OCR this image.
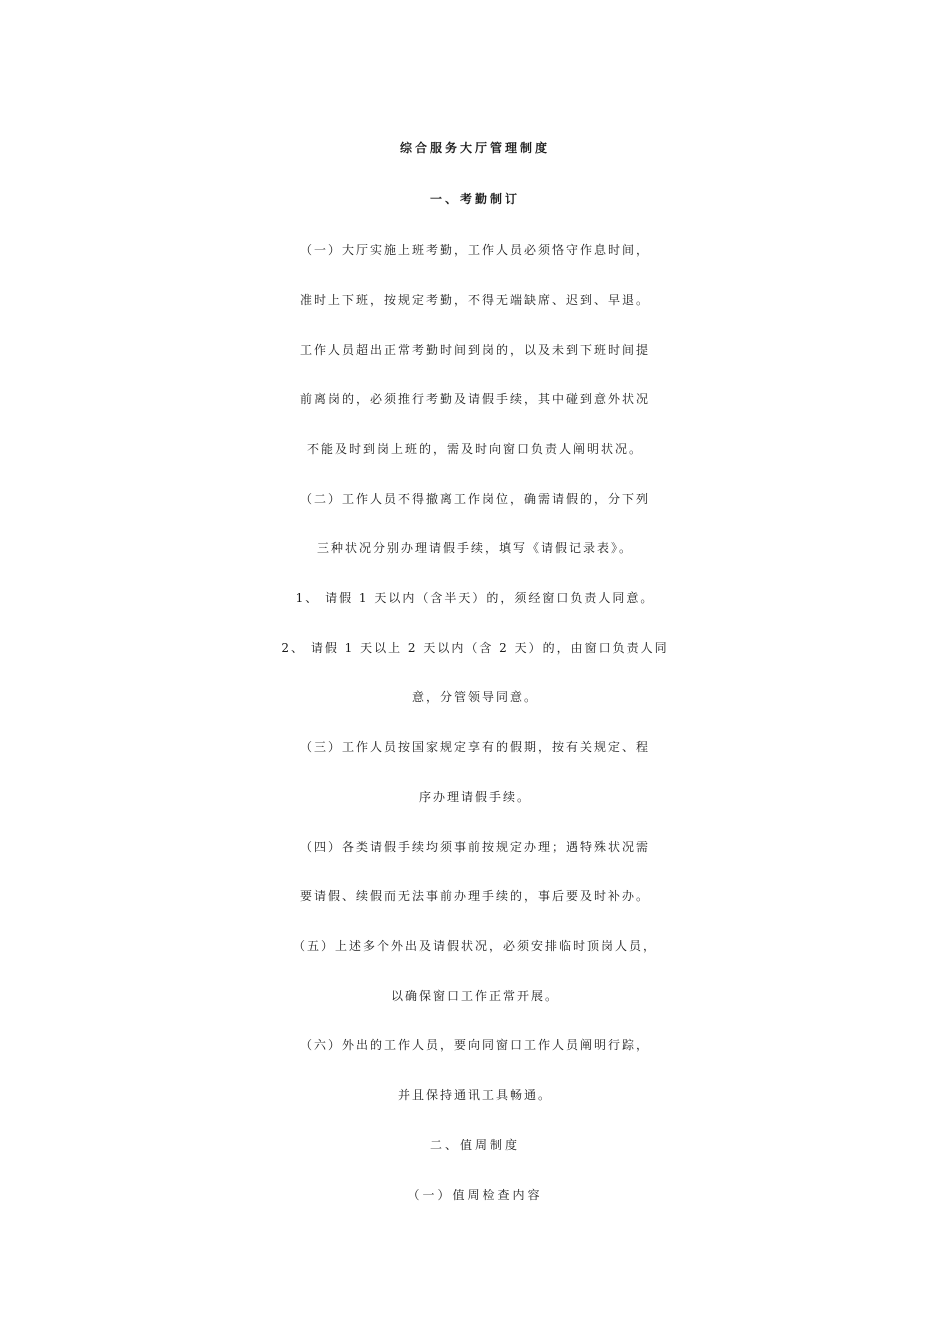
综合服务大厅管理制度
一、考勤制订
（一）大厅实施上班考勤，工作人员必须恪守作息时间，
准时上下班，按规定考勤，不得无端缺席、迟到、早退。
工作人员超出正常考勤时间到岗的，以及未到下班时间提
前离岗的，必须推行考勤及请假手续，其中碰到意外状况
不能及时到岗上班的，需及时向窗口负责人阐明状况。
（二）工作人员不得撤离工作岗位，确需请假的，分下列
三种状况分别办理请假手续，填写《请假记录表》。
1、 请假 1 天以内（含半天）的，须经窗口负责人同意。
2、 请假 1 天以上 2 天以内（含 2 天）的，由窗口负责人同
意，分管领导同意。
（三）工作人员按国家规定享有的假期，按有关规定、程
序办理请假手续。
（四）各类请假手续均须事前按规定办理；遇特殊状况需
要请假、续假而无法事前办理手续的，事后要及时补办。
（五）上述多个外出及请假状况，必须安排临时顶岗人员，
以确保窗口工作正常开展。
（六）外出的工作人员，要向同窗口工作人员阐明行踪，
并且保持通讯工具畅通。
二、值周制度
（一）值周检查内容
